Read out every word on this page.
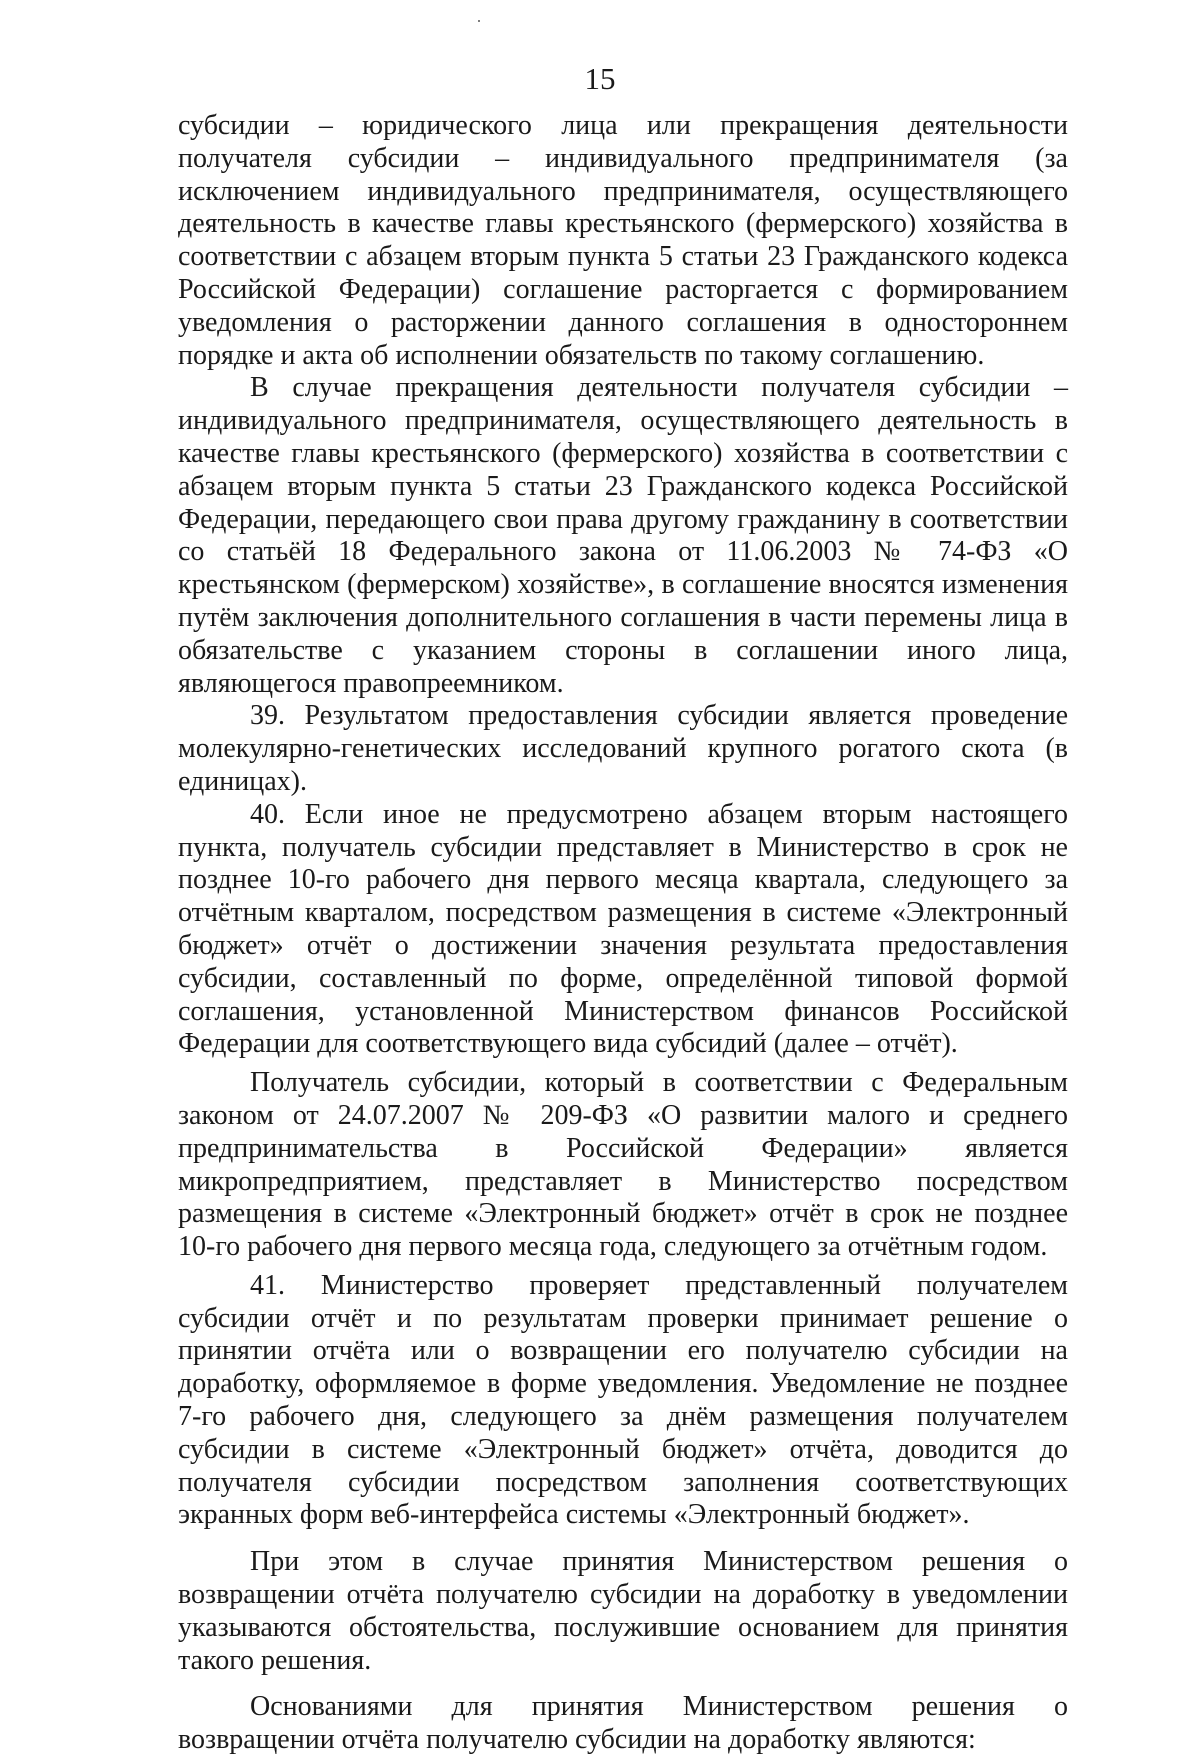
15

субсидии – юридического лица или прекращения деятельности получателя субсидии – индивидуального предпринимателя (за исключением индивидуального предпринимателя, осуществляющего деятельность в качестве главы крестьянского (фермерского) хозяйства в соответствии с абзацем вторым пункта 5 статьи 23 Гражданского кодекса Российской Федерации) соглашение расторгается с формированием уведомления о расторжении данного соглашения в одностороннем порядке и акта об исполнении обязательств по такому соглашению.

В случае прекращения деятельности получателя субсидии – индивидуального предпринимателя, осуществляющего деятельность в качестве главы крестьянского (фермерского) хозяйства в соответствии с абзацем вторым пункта 5 статьи 23 Гражданского кодекса Российской Федерации, передающего свои права другому гражданину в соответствии со статьёй 18 Федерального закона от 11.06.2003 № 74-ФЗ «О крестьянском (фермерском) хозяйстве», в соглашение вносятся изменения путём заключения дополнительного соглашения в части перемены лица в обязательстве с указанием стороны в соглашении иного лица, являющегося правопреемником.

39. Результатом предоставления субсидии является проведение молекулярно-генетических исследований крупного рогатого скота (в единицах).

40. Если иное не предусмотрено абзацем вторым настоящего пункта, получатель субсидии представляет в Министерство в срок не позднее 10-го рабочего дня первого месяца квартала, следующего за отчётным кварталом, посредством размещения в системе «Электронный бюджет» отчёт о достижении значения результата предоставления субсидии, составленный по форме, определённой типовой формой соглашения, установленной Министерством финансов Российской Федерации для соответствующего вида субсидий (далее – отчёт).

Получатель субсидии, который в соответствии с Федеральным законом от 24.07.2007 № 209-ФЗ «О развитии малого и среднего предпринимательства в Российской Федерации» является микропредприятием, представляет в Министерство посредством размещения в системе «Электронный бюджет» отчёт в срок не позднее 10-го рабочего дня первого месяца года, следующего за отчётным годом.

41. Министерство проверяет представленный получателем субсидии отчёт и по результатам проверки принимает решение о принятии отчёта или о возвращении его получателю субсидии на доработку, оформляемое в форме уведомления. Уведомление не позднее 7-го рабочего дня, следующего за днём размещения получателем субсидии в системе «Электронный бюджет» отчёта, доводится до получателя субсидии посредством заполнения соответствующих экранных форм веб-интерфейса системы «Электронный бюджет».

При этом в случае принятия Министерством решения о возвращении отчёта получателю субсидии на доработку в уведомлении указываются обстоятельства, послужившие основанием для принятия такого решения.

Основаниями для принятия Министерством решения о возвращении отчёта получателю субсидии на доработку являются:
